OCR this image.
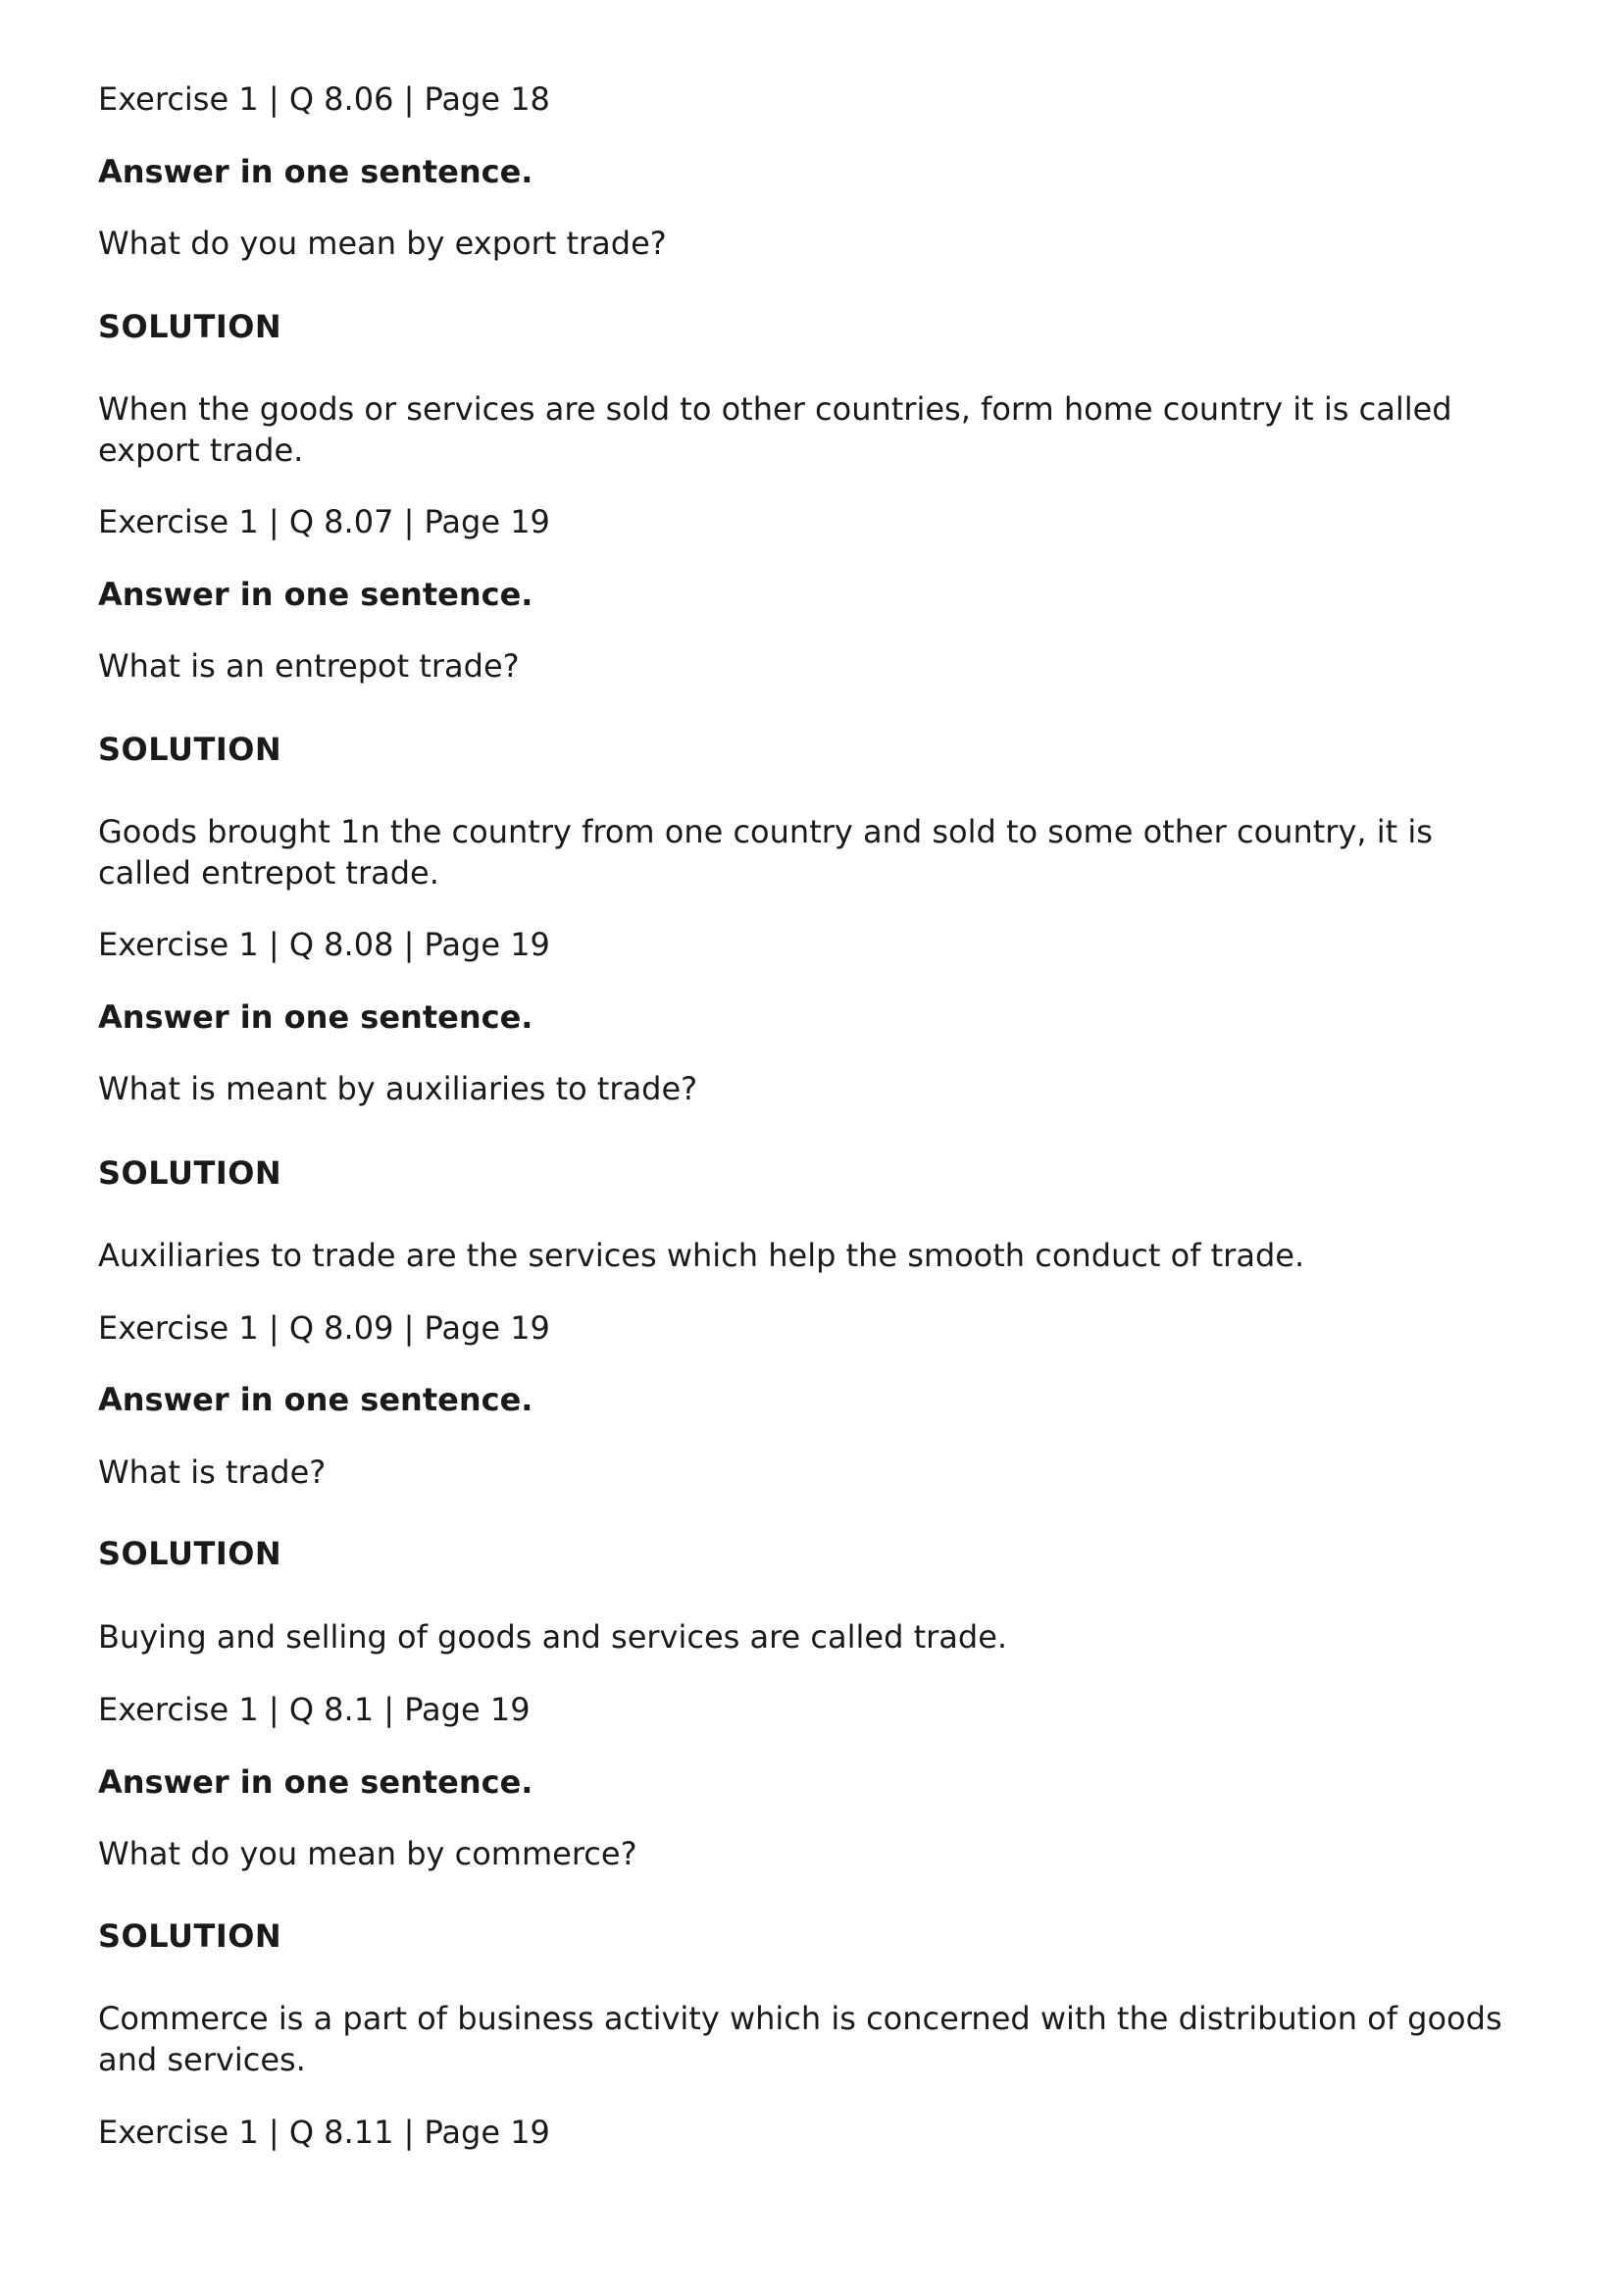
Exercise 1 | Q 8.06 | Page 18

Answer in one sentence.

What do you mean by export trade?

SOLUTION

When the goods or services are sold to other countries, form home country it is called

export trade.

Exercise 1 | Q 8.07 | Page 19

Answer in one sentence.

What is an entrepot trade?

SOLUTION

Goods brought 1n the country from one country and sold to some other country, it is

called entrepot trade.

Exercise 1 | Q 8.08 | Page 19

Answer in one sentence.

What is meant by auxiliaries to trade?

SOLUTION

Auxiliaries to trade are the services which help the smooth conduct of trade.

Exercise 1 | Q 8.09 | Page 19

Answer in one sentence.

What is trade?

SOLUTION

Buying and selling of goods and services are called trade.

Exercise 1 | Q 8.1 | Page 19

Answer in one sentence.

What do you mean by commerce?

SOLUTION

Commerce is a part of business activity which is concerned with the distribution of goods

and services.

Exercise 1 | Q 8.11 | Page 19
